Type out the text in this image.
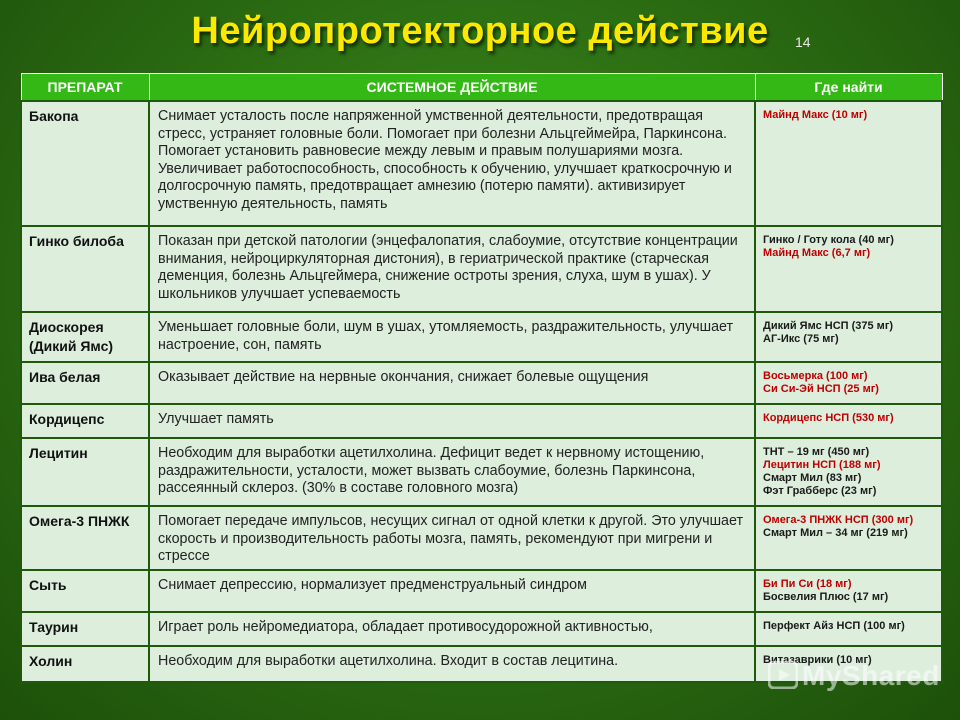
Нейропротекторное действие	14
ПРЕПАРАТ	СИСТЕМНОЕ ДЕЙСТВИЕ	Где найти
Бакопа	Снимает усталость после напряженной умственной деятельности, предотвращая стресс, устраняет головные боли. Помогает при болезни Альцгеймейра, Паркинсона. Помогает установить равновесие между левым и правым полушариями мозга. Увеличивает работоспособность, способность к обучению, улучшает краткосрочную и долгосрочную память, предотвращает амнезию (потерю памяти). активизирует умственную деятельность, память	Майнд Макс (10 мг)

Гинко билоба	Показан при детской патологии (энцефалопатия, слабоумие, отсутствие концентрации внимания, нейроциркуляторная дистония), в гериатрической практике (старческая деменция, болезнь Альцгеймера, снижение остроты зрения, слуха, шум в ушах). У школьников улучшает успеваемость	Гинко / Готу кола (40 мг)
Майнд Макс (6,7 мг)

Диоскорея (Дикий Ямс)	Уменьшает головные боли, шум в ушах, утомляемость, раздражительность, улучшает настроение, сон, память	Дикий Ямс НСП (375 мг)
АГ-Икс (75 мг)

Ива белая	Оказывает действие на нервные окончания, снижает болевые ощущения	Восьмерка (100 мг)
Си Си-Эй НСП (25 мг)

Кордицепс	Улучшает память	Кордицепс НСП (530 мг)

Лецитин	Необходим для выработки ацетилхолина. Дефицит ведет к нервному истощению, раздражительности, усталости, может вызвать слабоумие, болезнь Паркинсона, рассеянный склероз. (30% в составе головного мозга)	ТНТ – 19 мг (450 мг)
Лецитин НСП (188 мг)
Смарт Мил (83 мг)
Фэт Грабберс (23 мг)

Омега-3 ПНЖК	Помогает передаче импульсов, несущих сигнал от одной клетки к другой. Это улучшает скорость и производительность работы мозга, память, рекомендуют при мигрени и стрессе	Омега-3 ПНЖК НСП (300 мг)
Смарт Мил – 34 мг (219 мг)

Сыть	Снимает депрессию, нормализует предменструальный синдром	Би Пи Си (18 мг)
Босвелия Плюс (17 мг)

Таурин	Играет роль нейромедиатора, обладает противосудорожной активностью,	Перфект Айз НСП (100 мг)

Холин	Необходим для выработки ацетилхолина. Входит в состав лецитина.	Витазаврики (10 мг)
MyShared
